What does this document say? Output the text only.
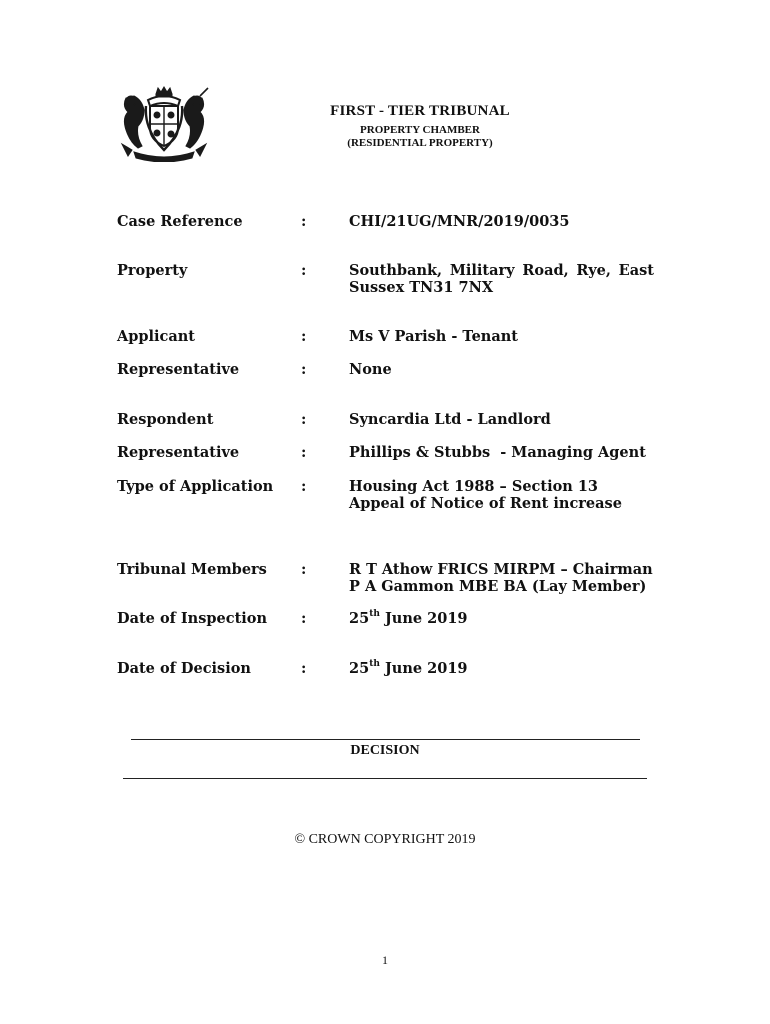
FIRST - TIER TRIBUNAL
PROPERTY CHAMBER
(RESIDENTIAL PROPERTY)
Case Reference	:	CHI/21UG/MNR/2019/0035
Property	:	Southbank, Military Road, Rye, East
Sussex TN31 7NX
Applicant	:	Ms V Parish - Tenant
Representative	:	None
Respondent	:	Syncardia Ltd - Landlord
Representative	:	Phillips & Stubbs  - Managing Agent
Type of Application	:	Housing Act 1988 – Section 13
Appeal of Notice of Rent increase
Tribunal Members	:	R T Athow FRICS MIRPM – Chairman
P A Gammon MBE BA (Lay Member)
Date of Inspection	:	25th June 2019
Date of Decision	:	25th June 2019
DECISION
© CROWN COPYRIGHT 2019
1
